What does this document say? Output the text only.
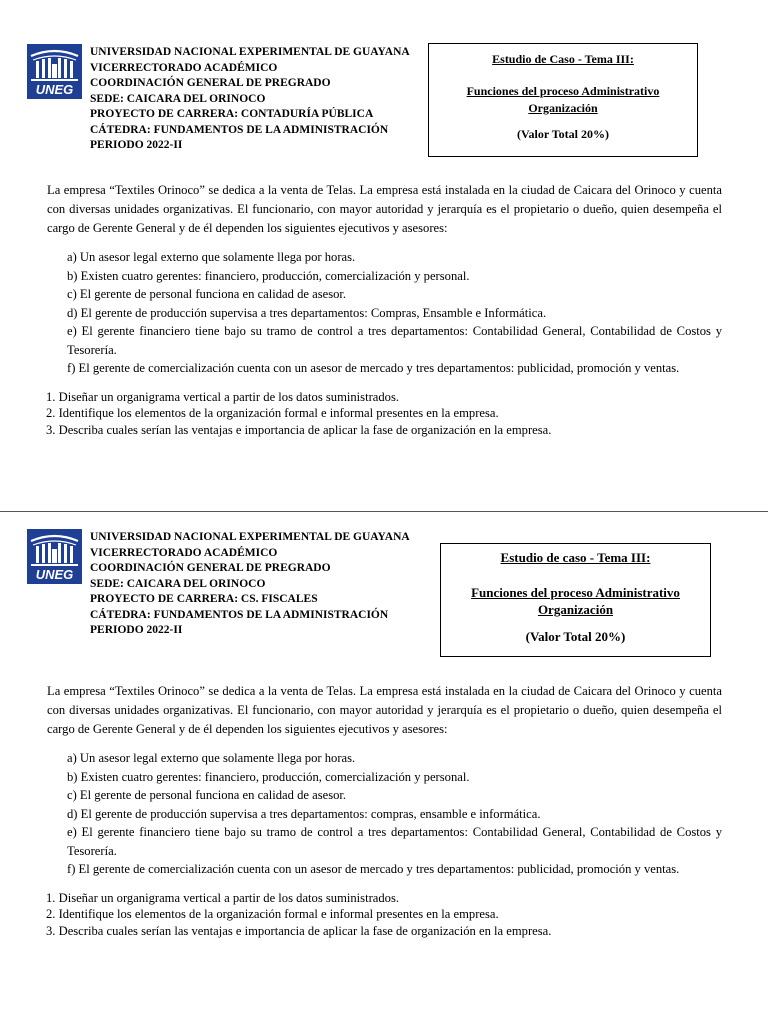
UNEG
UNIVERSIDAD NACIONAL EXPERIMENTAL DE GUAYANA
VICERRECTORADO ACADÉMICO
COORDINACIÓN GENERAL DE PREGRADO
SEDE: CAICARA DEL ORINOCO
PROYECTO DE CARRERA: CONTADURÍA PÚBLICA
CÁTEDRA: FUNDAMENTOS DE LA ADMINISTRACIÓN
PERIODO 2022-II
Estudio de Caso - Tema III:
Funciones del proceso Administrativo
Organización
(Valor Total 20%)

La empresa “Textiles Orinoco” se dedica a la venta de Telas. La empresa está instalada en la ciudad de Caicara del Orinoco y cuenta con diversas unidades organizativas. El funcionario, con mayor autoridad y jerarquía es el propietario o dueño, quien desempeña el cargo de Gerente General y de él dependen los siguientes ejecutivos y asesores:

a) Un asesor legal externo que solamente llega por horas.
b) Existen cuatro gerentes: financiero, producción, comercialización y personal.
c) El gerente de personal funciona en calidad de asesor.
d) El gerente de producción supervisa a tres departamentos: Compras, Ensamble e Informática.
e) El gerente financiero tiene bajo su tramo de control a tres departamentos: Contabilidad General, Contabilidad de Costos y Tesorería.
f) El gerente de comercialización cuenta con un asesor de mercado y tres departamentos: publicidad, promoción y ventas.
1. Diseñar un organigrama vertical a partir de los datos suministrados.
2. Identifique los elementos de la organización formal e informal presentes en la empresa.
3. Describa cuales serían las ventajas e importancia de aplicar la fase de organización en la empresa.
UNEG
UNIVERSIDAD NACIONAL EXPERIMENTAL DE GUAYANA
VICERRECTORADO ACADÉMICO
COORDINACIÓN GENERAL DE PREGRADO
SEDE: CAICARA DEL ORINOCO
PROYECTO DE CARRERA: CS. FISCALES
CÁTEDRA: FUNDAMENTOS DE LA ADMINISTRACIÓN
PERIODO 2022-II
Estudio de caso - Tema III:
Funciones del proceso Administrativo
Organización
(Valor Total 20%)

La empresa “Textiles Orinoco” se dedica a la venta de Telas. La empresa está instalada en la ciudad de Caicara del Orinoco y cuenta con diversas unidades organizativas. El funcionario, con mayor autoridad y jerarquía es el propietario o dueño, quien desempeña el cargo de Gerente General y de él dependen los siguientes ejecutivos y asesores:

a) Un asesor legal externo que solamente llega por horas.
b) Existen cuatro gerentes: financiero, producción, comercialización y personal.
c) El gerente de personal funciona en calidad de asesor.
d) El gerente de producción supervisa a tres departamentos: compras, ensamble e informática.
e) El gerente financiero tiene bajo su tramo de control a tres departamentos: Contabilidad General, Contabilidad de Costos y Tesorería.
f) El gerente de comercialización cuenta con un asesor de mercado y tres departamentos: publicidad, promoción y ventas.
1. Diseñar un organigrama vertical a partir de los datos suministrados.
2. Identifique los elementos de la organización formal e informal presentes en la empresa.
3. Describa cuales serían las ventajas e importancia de aplicar la fase de organización en la empresa.
